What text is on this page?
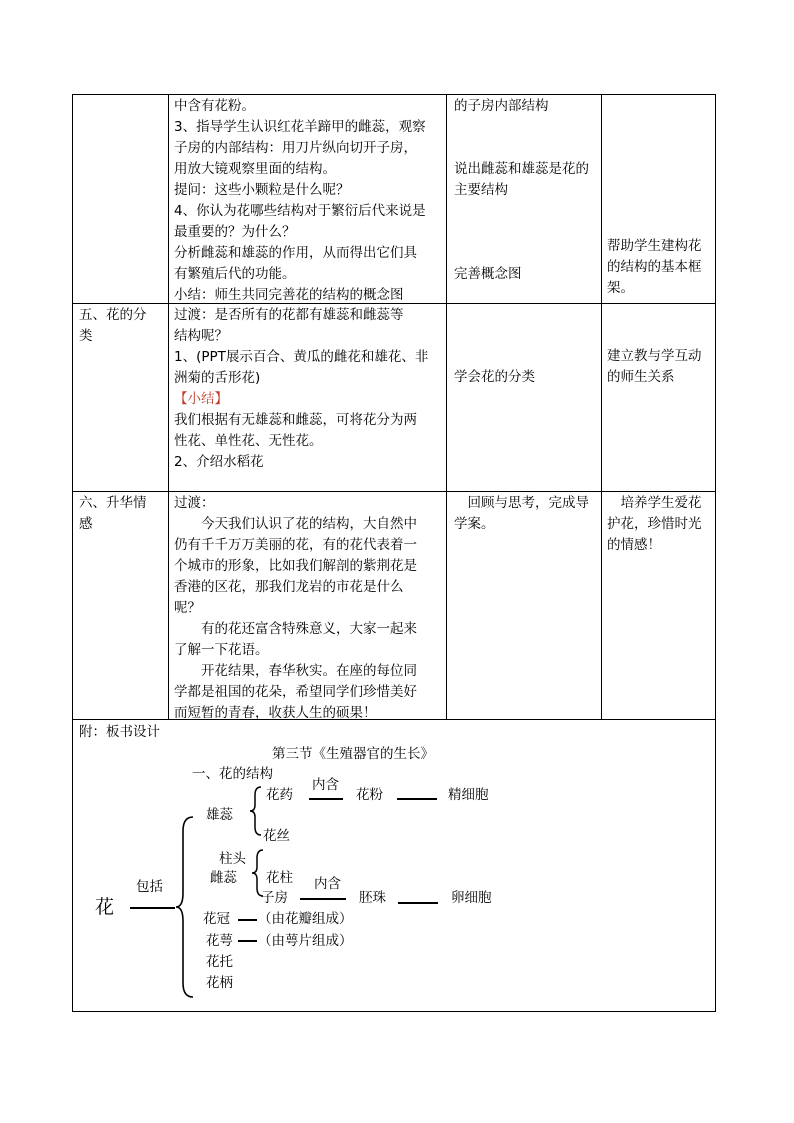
中含有花粉。

3、指导学生认识红花羊蹄甲的雌蕊，观察

子房的内部结构：用刀片纵向切开子房，

用放大镜观察里面的结构。

提问：这些小颗粒是什么呢？

4、你认为花哪些结构对于繁衍后代来说是

最重要的？为什么？

分析雌蕊和雄蕊的作用，从而得出它们具

有繁殖后代的功能。

小结：师生共同完善花的结构的概念图

的子房内部结构

说出雌蕊和雄蕊是花的

主要结构

完善概念图

帮助学生建构花

的结构的基本框

架。

五、花的分

类

过渡：是否所有的花都有雄蕊和雌蕊等

结构呢？

1、(PPT展示百合、黄瓜的雌花和雄花、非

洲菊的舌形花)

【小结】

我们根据有无雄蕊和雌蕊，可将花分为两

性花、单性花、无性花。

2、介绍水稻花

学会花的分类

建立教与学互动

的师生关系

六、升华情

感

过渡：

　　今天我们认识了花的结构，大自然中

仍有千千万万美丽的花，有的花代表着一

个城市的形象，比如我们解剖的紫荆花是

香港的区花，那我们龙岩的市花是什么

呢？

　　有的花还富含特殊意义，大家一起来

了解一下花语。

　　开花结果，春华秋实。在座的每位同

学都是祖国的花朵，希望同学们珍惜美好

而短暂的青春，收获人生的硕果！

　回顾与思考，完成导

学案。

　培养学生爱花

护花，珍惜时光

的情感！

附：板书设计
第三节《生殖器官的生长》
一、花的结构
花
包括
雄蕊
花药
内含
花粉	精细胞
花丝
柱头
雌蕊 花柱
子房
内含
胚珠	卵细胞
花冠 （由花瓣组成）
花萼 （由萼片组成）
花托
花柄
